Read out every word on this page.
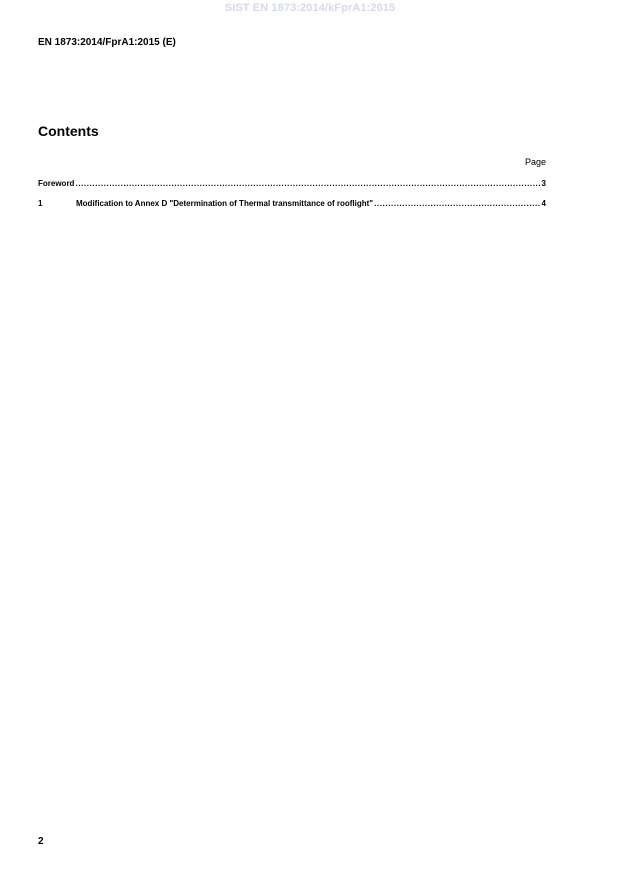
SIST EN 1873:2014/kFprA1:2015
EN 1873:2014/FprA1:2015 (E)
Contents
Page
Foreword .....	3
1	Modification to Annex D "Determination of Thermal transmittance of rooflight" .....	4
2
